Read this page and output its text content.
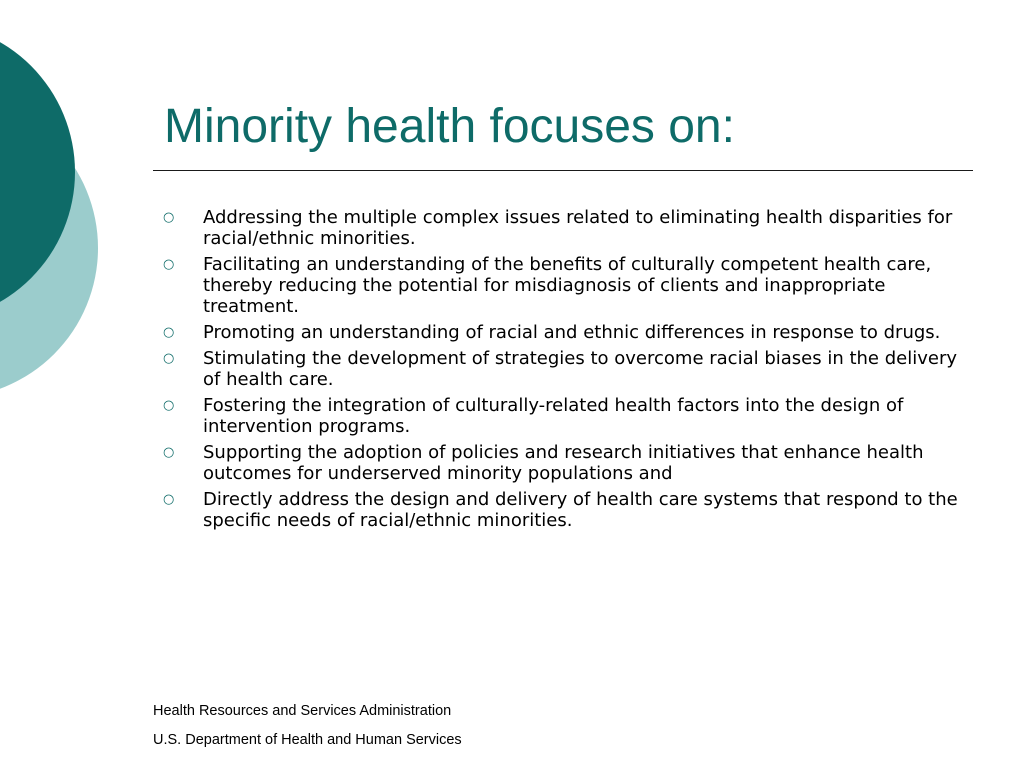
Minority health focuses on:
○	Addressing the multiple complex issues related to eliminating health disparities for racial/ethnic minorities.
○	Facilitating an understanding of the benefits of culturally competent health care, thereby reducing the potential for misdiagnosis of clients and inappropriate treatment.
○	Promoting an understanding of racial and ethnic differences in response to drugs.
○	Stimulating the development of strategies to overcome racial biases in the delivery of health care.
○	Fostering the integration of culturally-related health factors into the design of intervention programs.
○	Supporting the adoption of policies and research initiatives that enhance health outcomes for underserved minority populations and
○	Directly address the design and delivery of health care systems that respond to the specific needs of racial/ethnic minorities.
Health Resources and Services Administration
U.S. Department of Health and Human Services
